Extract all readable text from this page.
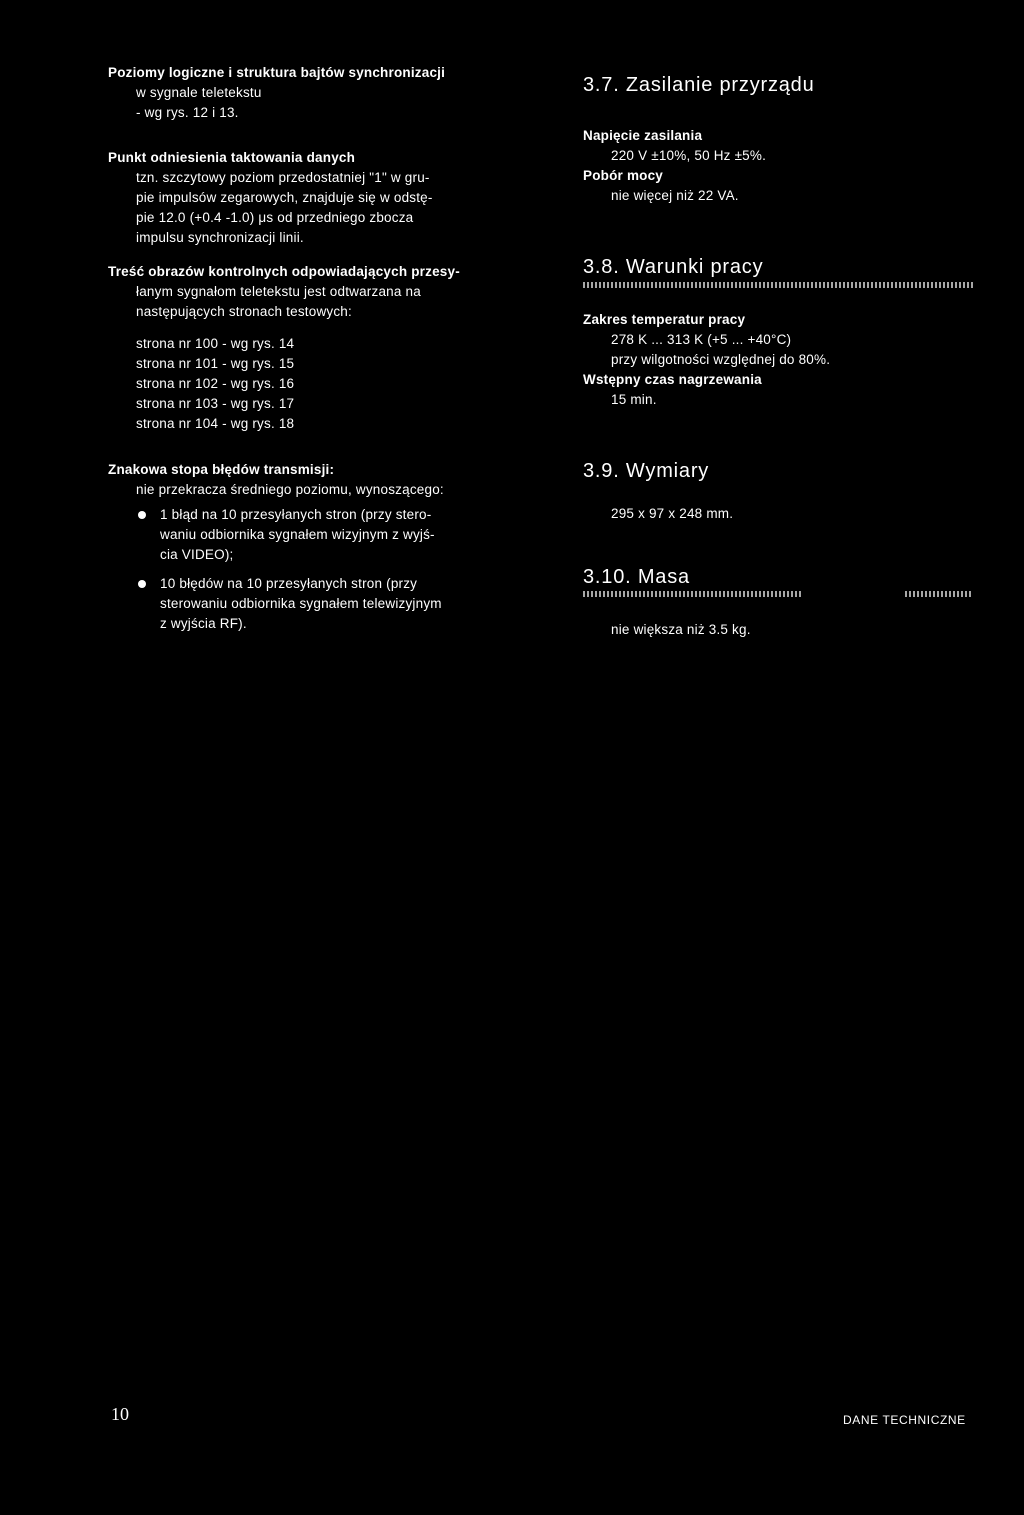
Poziomy logiczne i struktura bajtów synchronizacji
w sygnale teletekstu
- wg rys. 12 i 13.
Punkt odniesienia taktowania danych
tzn. szczytowy poziom przedostatniej "1" w gru-
pie impulsów zegarowych, znajduje się w odstę-
pie 12.0 (+0.4 -1.0) μs od przedniego zbocza
impulsu synchronizacji linii.
Treść obrazów kontrolnych odpowiadających przesy-
łanym sygnałom teletekstu jest odtwarzana na
następujących stronach testowych:
strona nr 100 - wg rys. 14
strona nr 101 - wg rys. 15
strona nr 102 - wg rys. 16
strona nr 103 - wg rys. 17
strona nr 104 - wg rys. 18
Znakowa stopa błędów transmisji:
nie przekracza średniego poziomu, wynoszącego:
1 błąd na 10 przesyłanych stron (przy stero-
waniu odbiornika sygnałem wizyjnym z wyjś-
cia VIDEO);
10 błędów na 10 przesyłanych stron (przy
sterowaniu odbiornika sygnałem telewizyjnym
z wyjścia RF).
3.7. Zasilanie przyrządu
Napięcie zasilania
220 V ±10%, 50 Hz ±5%.
Pobór mocy
nie więcej niż 22 VA.
3.8. Warunki pracy
Zakres temperatur pracy
278 K ... 313 K (+5 ... +40°C)
przy wilgotności względnej do 80%.
Wstępny czas nagrzewania
15 min.
3.9. Wymiary
295 x 97 x 248 mm.
3.10. Masa
nie większa niż 3.5 kg.
10	DANE TECHNICZNE
